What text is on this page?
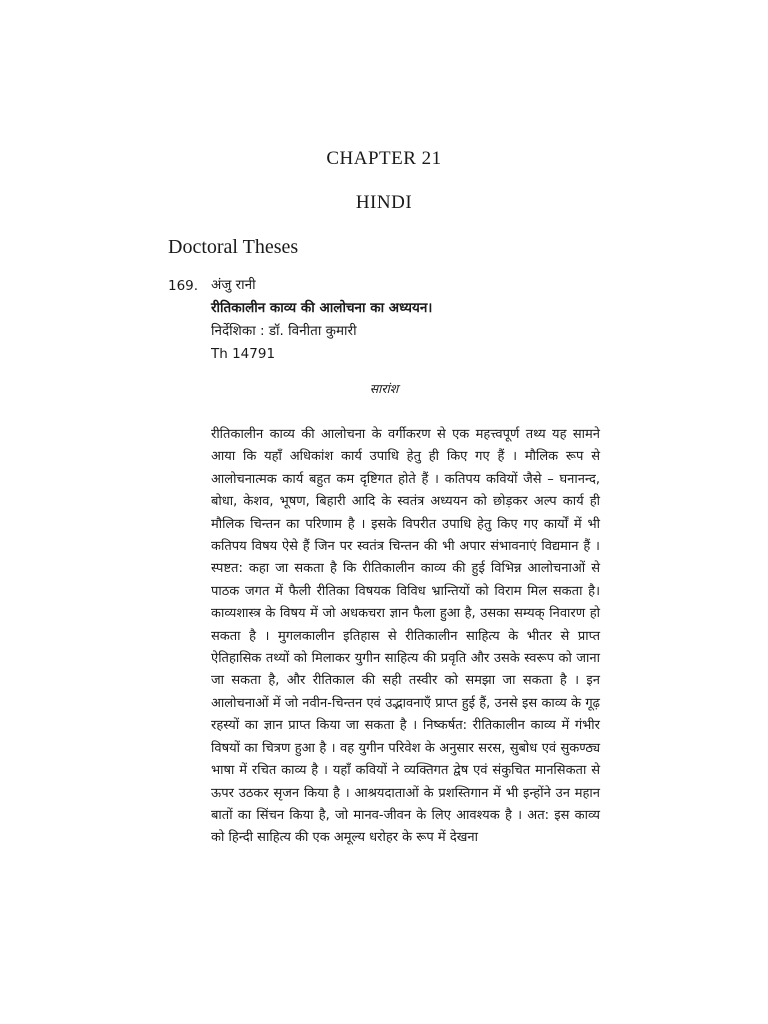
CHAPTER 21
HINDI
Doctoral Theses
169. अंजु रानी
रीतिकालीन काव्य की आलोचना का अध्ययन।
निर्देशिका : डॉ. विनीता कुमारी
Th 14791
सारांश

रीतिकालीन काव्य की आलोचना के वर्गीकरण से एक महत्त्वपूर्ण तथ्य यह सामने आया कि यहाँ अधिकांश कार्य उपाधि हेतु ही किए गए हैं । मौलिक रूप से आलोचनात्मक कार्य बहुत कम दृष्टिगत होते हैं । कतिपय कवियों जैसे – घनानन्द, बोधा, केशव, भूषण, बिहारी आदि के स्वतंत्र अध्ययन को छोड़कर अल्प कार्य ही मौलिक चिन्तन का परिणाम है । इसके विपरीत उपाधि हेतु किए गए कार्यों में भी कतिपय विषय ऐसे हैं जिन पर स्वतंत्र चिन्तन की भी अपार संभावनाएं विद्यमान हैं । स्पष्टत: कहा जा सकता है कि रीतिकालीन काव्य की हुई विभिन्न आलोचनाओं से पाठक जगत में फैली रीतिका विषयक विविध भ्रान्तियों को विराम मिल सकता है। काव्यशास्त्र के विषय में जो अधकचरा ज्ञान फैला हुआ है, उसका सम्यक् निवारण हो सकता है । मुगलकालीन इतिहास से रीतिकालीन साहित्य के भीतर से प्राप्त ऐतिहासिक तथ्यों को मिलाकर युगीन साहित्य की प्रवृति और उसके स्वरूप को जाना जा सकता है, और रीतिकाल की सही तस्वीर को समझा जा सकता है । इन आलोचनाओं में जो नवीन-चिन्तन एवं उद्भावनाएँ प्राप्त हुई हैं, उनसे इस काव्य के गूढ़ रहस्यों का ज्ञान प्राप्त किया जा सकता है । निष्कर्षत: रीतिकालीन काव्य में गंभीर विषयों का चित्रण हुआ है । वह युगीन परिवेश के अनुसार सरस, सुबोध एवं सुकण्ठ्य भाषा में रचित काव्य है । यहाँ कवियों ने व्यक्तिगत द्वेष एवं संकुचित मानसिकता से ऊपर उठकर सृजन किया है । आश्रयदाताओं के प्रशस्तिगान में भी इन्होंने उन महान बातों का सिंचन किया है, जो मानव-जीवन के लिए आवश्यक है । अत: इस काव्य को हिन्दी साहित्य की एक अमूल्य धरोहर के रूप में देखना
